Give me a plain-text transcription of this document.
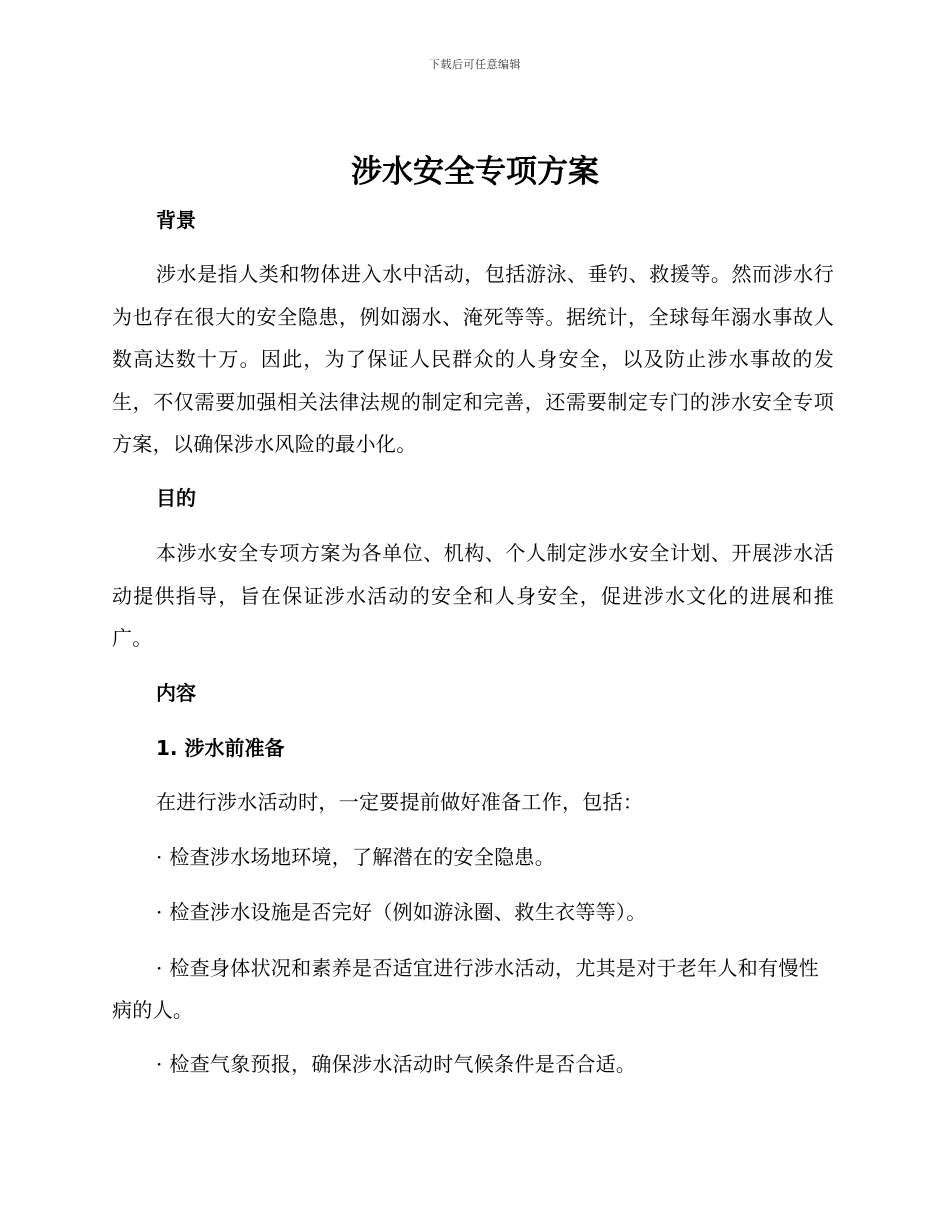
下载后可任意编辑
涉水安全专项方案
背景

涉水是指人类和物体进入水中活动，包括游泳、垂钓、救援等。然而涉水行为也存在很大的安全隐患，例如溺水、淹死等等。据统计，全球每年溺水事故人数高达数十万。因此，为了保证人民群众的人身安全，以及防止涉水事故的发生，不仅需要加强相关法律法规的制定和完善，还需要制定专门的涉水安全专项方案，以确保涉水风险的最小化。

目的

本涉水安全专项方案为各单位、机构、个人制定涉水安全计划、开展涉水活动提供指导，旨在保证涉水活动的安全和人身安全，促进涉水文化的进展和推广。

内容
1. 涉水前准备

在进行涉水活动时，一定要提前做好准备工作，包括：

· 检查涉水场地环境，了解潜在的安全隐患。

· 检查涉水设施是否完好（例如游泳圈、救生衣等等）。

· 检查身体状况和素养是否适宜进行涉水活动，尤其是对于老年人和有慢性病的人。

· 检查气象预报，确保涉水活动时气候条件是否合适。
